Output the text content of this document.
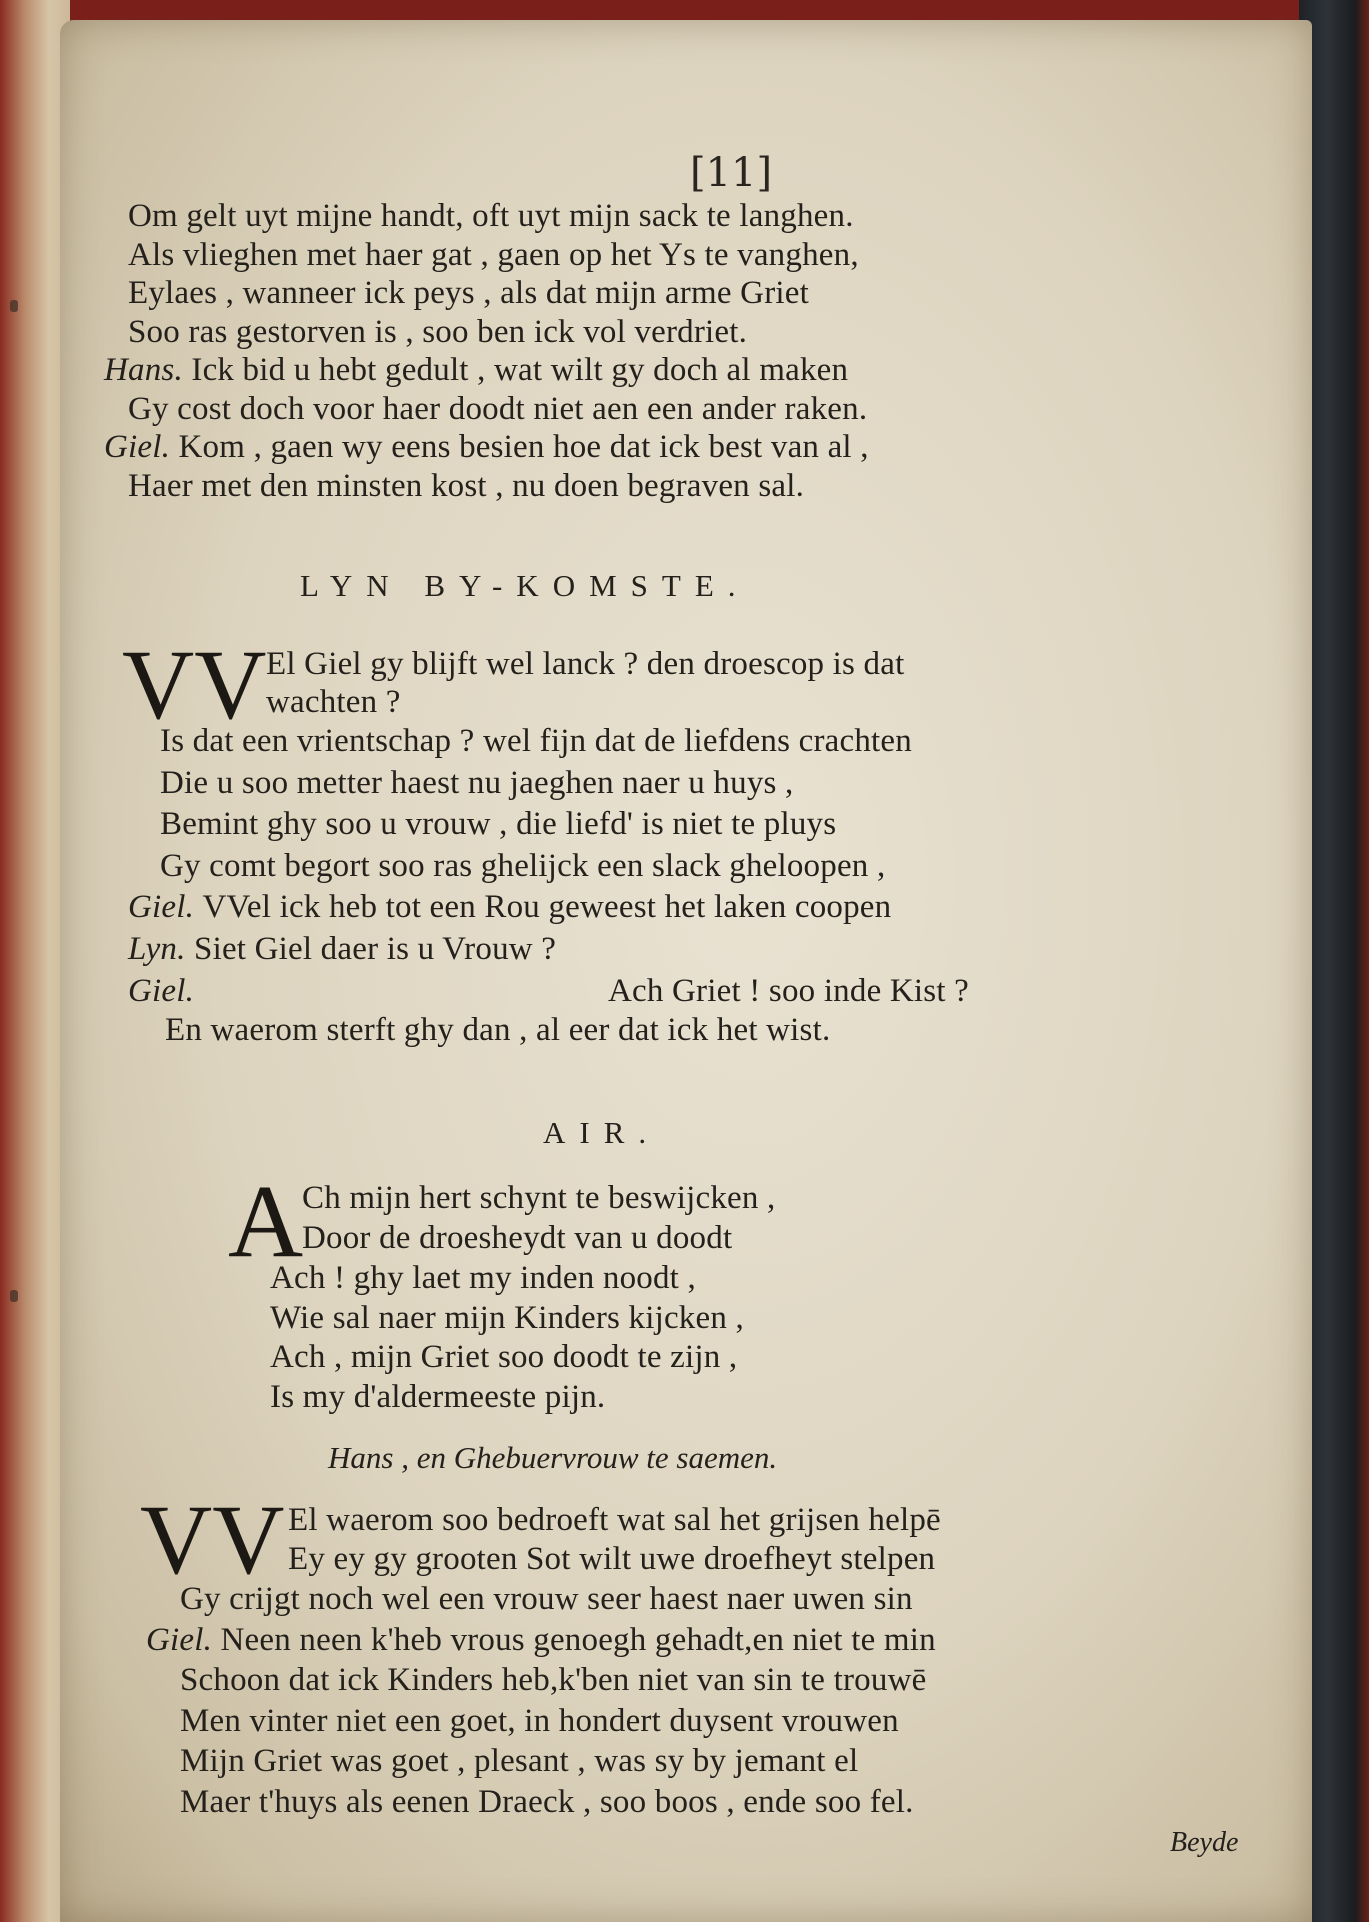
[11]
Om gelt uyt mijne handt, oft uyt mijn sack te langhen.
Als vlieghen met haer gat , gaen op het Ys te vanghen,
Eylaes , wanneer ick peys , als dat mijn arme Griet
Soo ras gestorven is , soo ben ick vol verdriet.
Hans. Ick bid u hebt gedult , wat wilt gy doch al maken
Gy cost doch voor haer doodt niet aen een ander raken.
Giel. Kom , gaen wy eens besien hoe dat ick best van al ,
Haer met den minsten kost , nu doen begraven sal.
LYN BY-KOMSTE.
VV El Giel gy blijft wel lanck ? den droescop is dat
wachten ?
Is dat een vrientschap ? wel fijn dat de liefdens crachten
Die u soo metter haest nu jaeghen naer u huys ,
Bemint ghy soo u vrouw , die liefd' is niet te pluys
Gy comt begort soo ras ghelijck een slack gheloopen ,
Giel. VVel ick heb tot een Rou geweest het laken coopen
Lyn. Siet Giel daer is u Vrouw ?
Giel.	Ach Griet ! soo inde Kist ?
En waerom sterft ghy dan , al eer dat ick het wist.
AIR.
A
Ch mijn hert schynt te beswijcken ,
Door de droesheydt van u doodt
Ach ! ghy laet my inden noodt ,
Wie sal naer mijn Kinders kijcken ,
Ach , mijn Griet soo doodt te zijn ,
Is my d'aldermeeste pijn.
Hans , en Ghebuervrouw te saemen.
VV El waerom soo bedroeft wat sal het grijsen helpē
Ey ey gy grooten Sot wilt uwe droefheyt stelpen
Gy crijgt noch wel een vrouw seer haest naer uwen sin
Giel. Neen neen k'heb vrous genoegh gehadt,en niet te min
Schoon dat ick Kinders heb,k'ben niet van sin te trouwē
Men vinter niet een goet, in hondert duysent vrouwen
Mijn Griet was goet , plesant , was sy by jemant el
Maer t'huys als eenen Draeck , soo boos , ende soo fel.
Beyde
